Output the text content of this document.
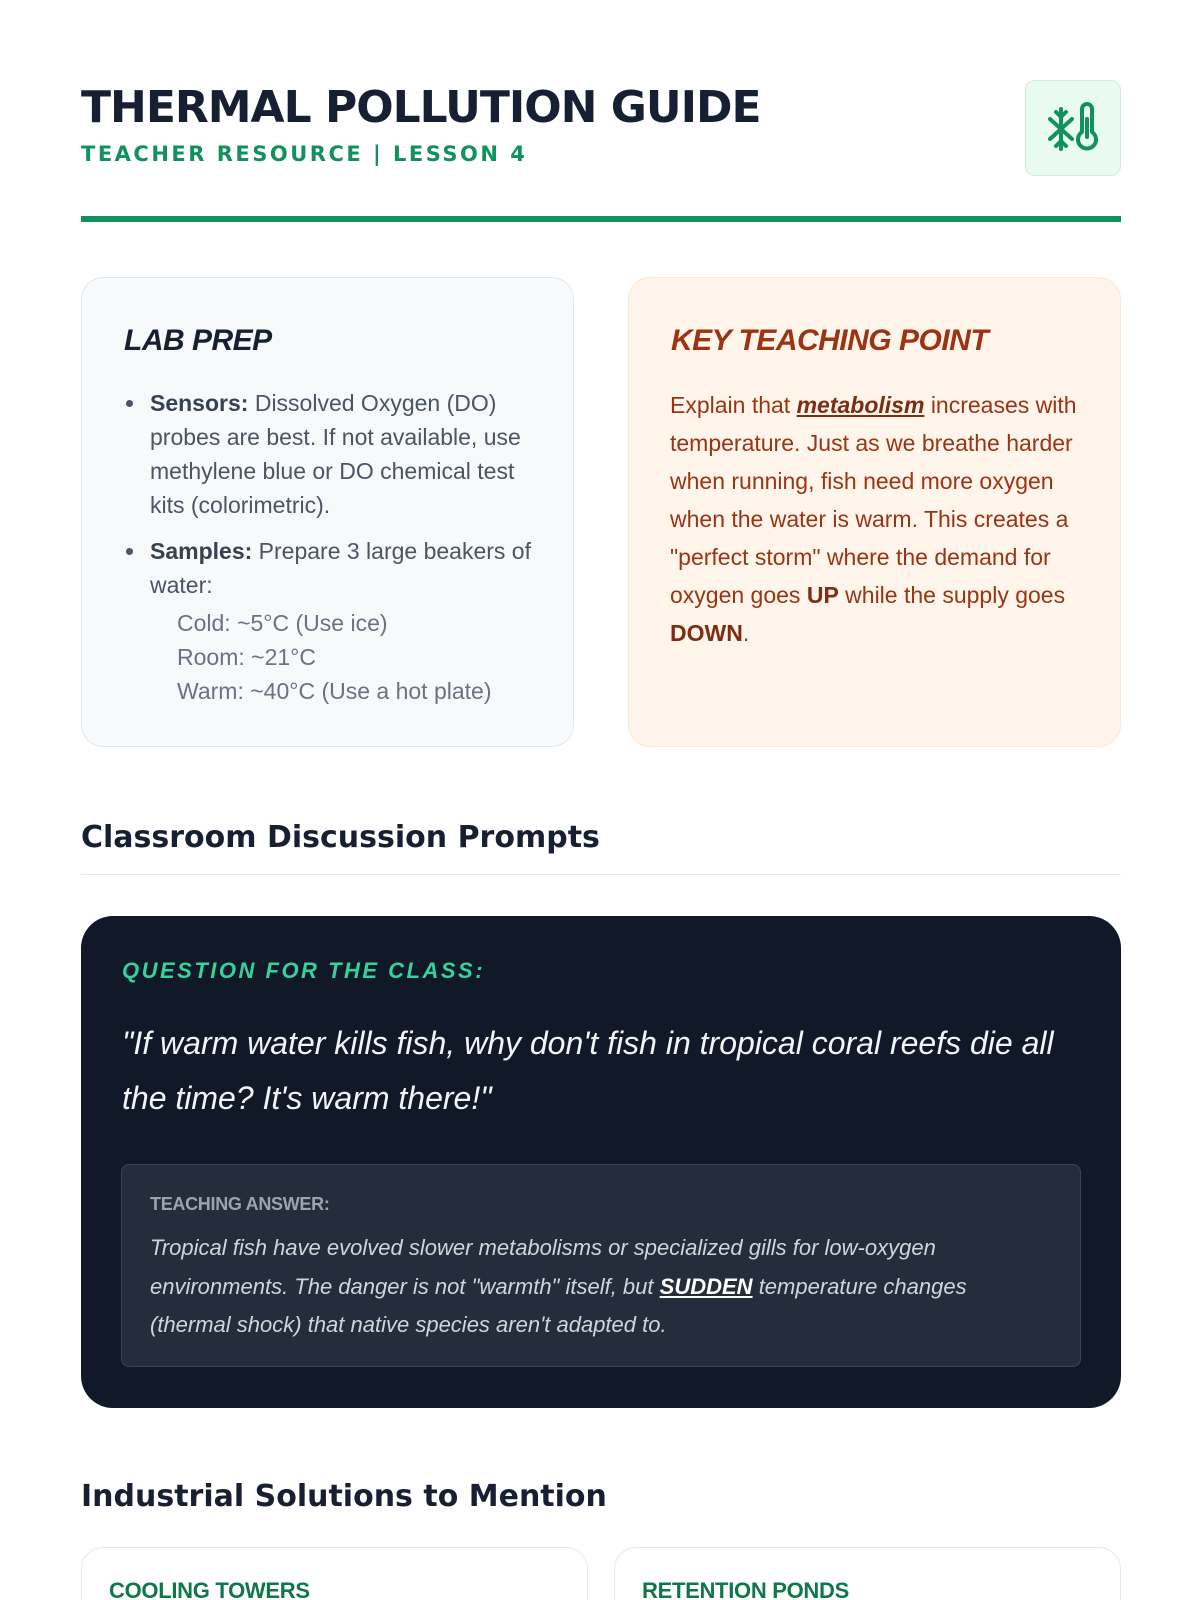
THERMAL POLLUTION GUIDE
TEACHER RESOURCE | LESSON 4
LAB PREP
Sensors: Dissolved Oxygen (DO) probes are best. If not available, use methylene blue or DO chemical test kits (colorimetric).
Samples: Prepare 3 large beakers of water:
Cold: ~5°C (Use ice)
Room: ~21°C
Warm: ~40°C (Use a hot plate)
KEY TEACHING POINT

Explain that metabolism increases with temperature. Just as we breathe harder when running, fish need more oxygen when the water is warm. This creates a "perfect storm" where the demand for oxygen goes UP while the supply goes DOWN.

Classroom Discussion Prompts
QUESTION FOR THE CLASS:
"If warm water kills fish, why don't fish in tropical coral reefs die all the time? It's warm there!"
TEACHING ANSWER:

Tropical fish have evolved slower metabolisms or specialized gills for low-oxygen environments. The danger is not "warmth" itself, but SUDDEN temperature changes (thermal shock) that native species aren't adapted to.

Industrial Solutions to Mention
COOLING TOWERS	RETENTION PONDS
